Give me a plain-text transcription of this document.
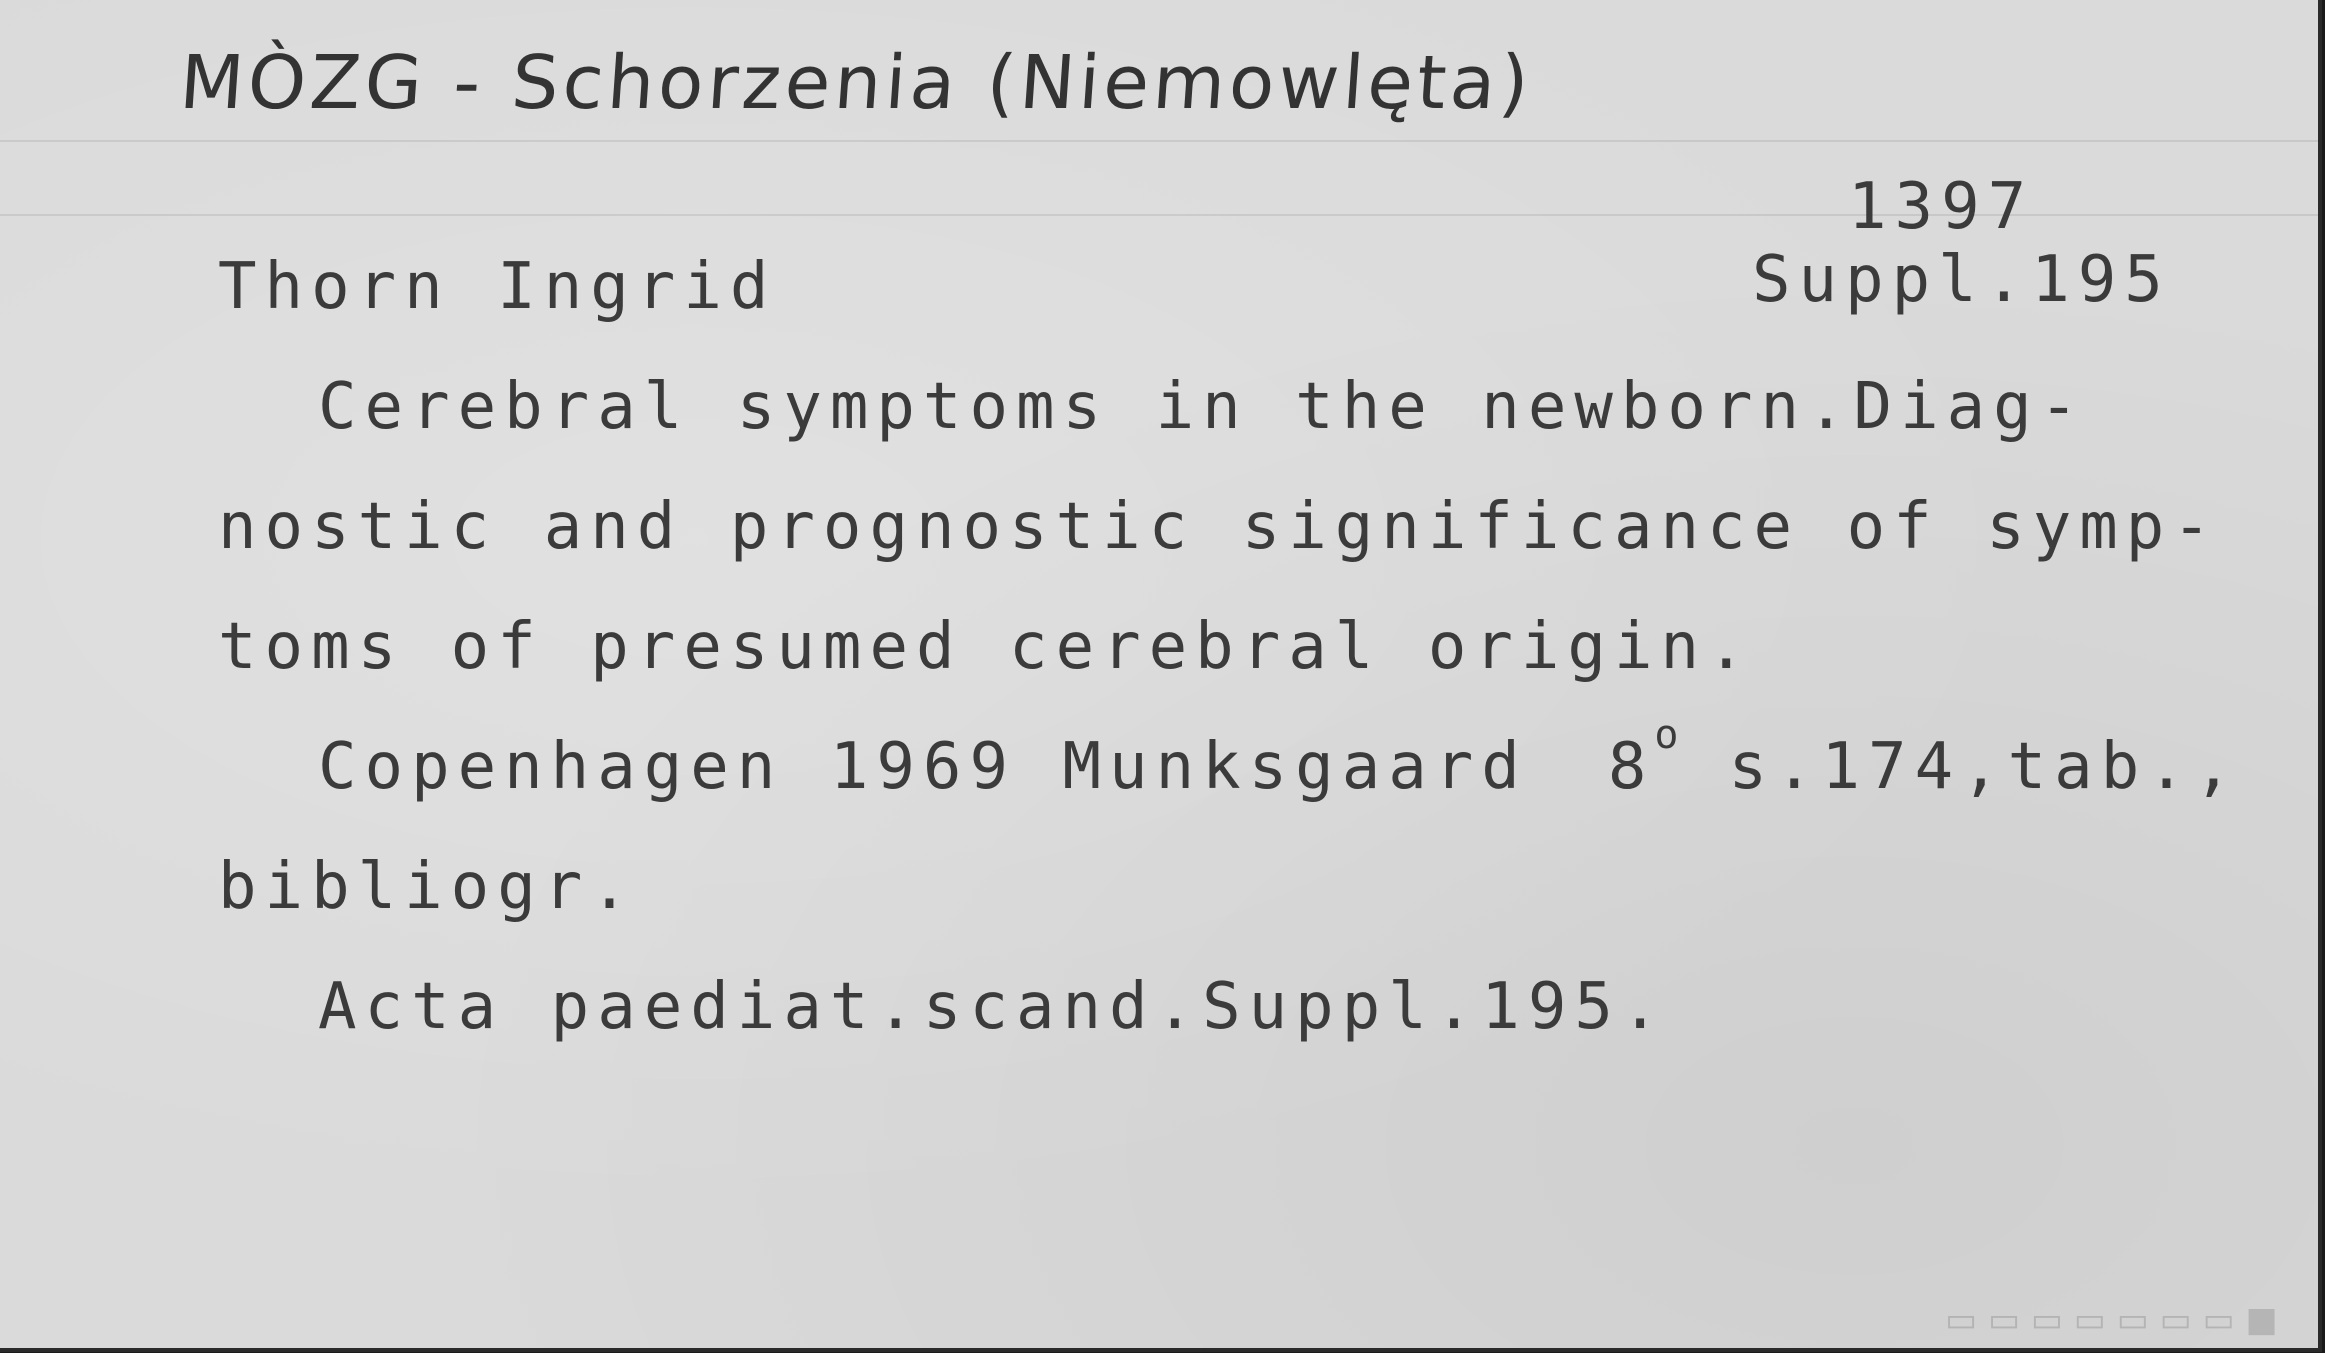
MÒZG - Schorzenia (Niemowlęta)
1397
Suppl.195
Thorn Ingrid
Cerebral symptoms in the newborn.Diag-
nostic and prognostic significance of symp-
toms of presumed cerebral origin.
Copenhagen 1969 Munksgaard 8$^o$ s.174,tab.,
bibliogr.
Acta paediat.scand.Suppl.195.
■ ▭ ▭ ▭ ▭ ▭ ▭ ▭
